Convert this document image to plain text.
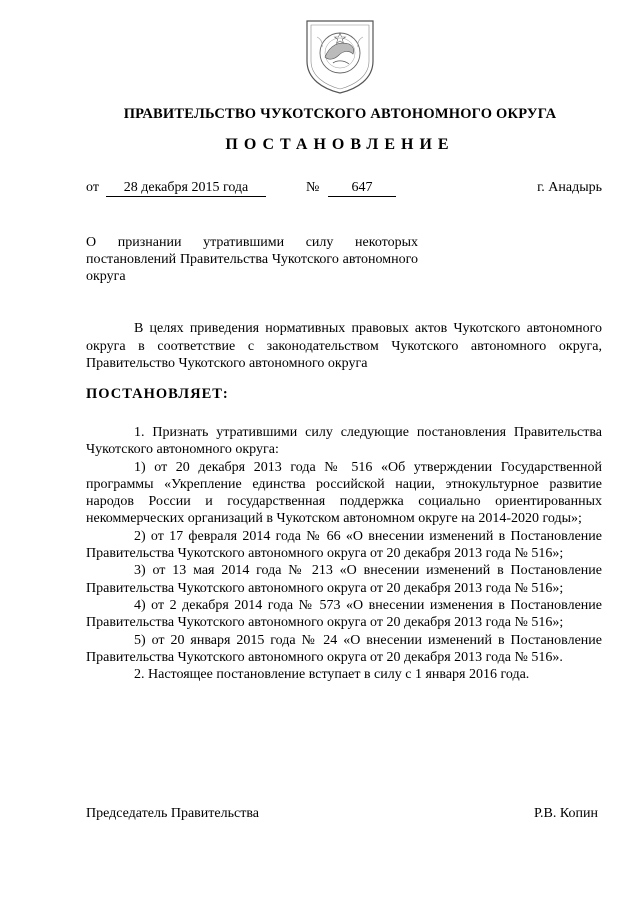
ПРАВИТЕЛЬСТВО ЧУКОТСКОГО АВТОНОМНОГО ОКРУГА
ПОСТАНОВЛЕНИЕ
от	28 декабря 2015 года	№	647	г. Анадырь
О признании утратившими силу некоторых постановлений Правительства Чукотского автономного округа
В целях приведения нормативных правовых актов Чукотского автономного округа в соответствие с законодательством Чукотского автономного округа, Правительство Чукотского автономного округа
ПОСТАНОВЛЯЕТ:

1. Признать утратившими силу следующие постановления Правительства Чукотского автономного округа:

1) от 20 декабря 2013 года № 516 «Об утверждении Государственной программы «Укрепление единства российской нации, этнокультурное развитие народов России и государственная поддержка социально ориентированных некоммерческих организаций в Чукотском автономном округе на 2014-2020 годы»;

2) от 17 февраля 2014 года № 66 «О внесении изменений в Постановление Правительства Чукотского автономного округа от 20 декабря 2013 года № 516»;

3) от 13 мая 2014 года № 213 «О внесении изменений в Постановление Правительства Чукотского автономного округа от 20 декабря 2013 года № 516»;

4) от 2 декабря 2014 года № 573 «О внесении изменения в Постановление Правительства Чукотского автономного округа от 20 декабря 2013 года № 516»;

5) от 20 января 2015 года № 24 «О внесении изменений в Постановление Правительства Чукотского автономного округа от 20 декабря 2013 года № 516».

2. Настоящее постановление вступает в силу с 1 января 2016 года.

Председатель Правительства	Р.В. Копин
